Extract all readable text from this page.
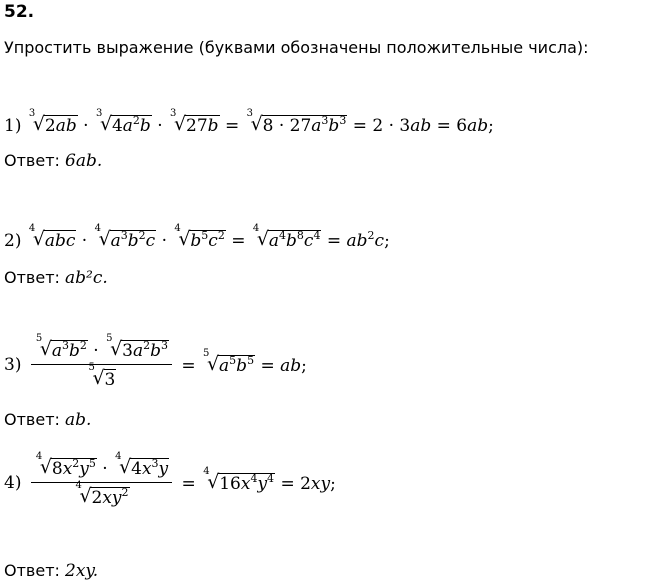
52.
Упростить выражение (буквами обозначены положительные числа):
1)
3
√ 2ab ·
3
√ $4a^2b$ ·
3
√ 27b =
3
√ $8 \cdot 27a^3b^3 = 2 \cdot 3ab = 6ab$;
Ответ: 6ab.
2)
4
√ abc ·
4
√ $a^3b^2c$ ·
4
√ $b^5c^2$ =
4
√ $a^4b^8c^4 = ab^2c$;
Ответ: ab²c.
3) 5
√ $a^3b^2$ ·
5
√ $3a^2b^3$
5
√ 3 =
5
√ $a^5b^5$ = ab;
Ответ: ab.
4) 4
√ $8x^2y^5$ ·
4
√ $4x^3y$
4
√ $2xy^2$ =
4
√ $16x^4y^4 = 2xy$;
Ответ: 2xy.
